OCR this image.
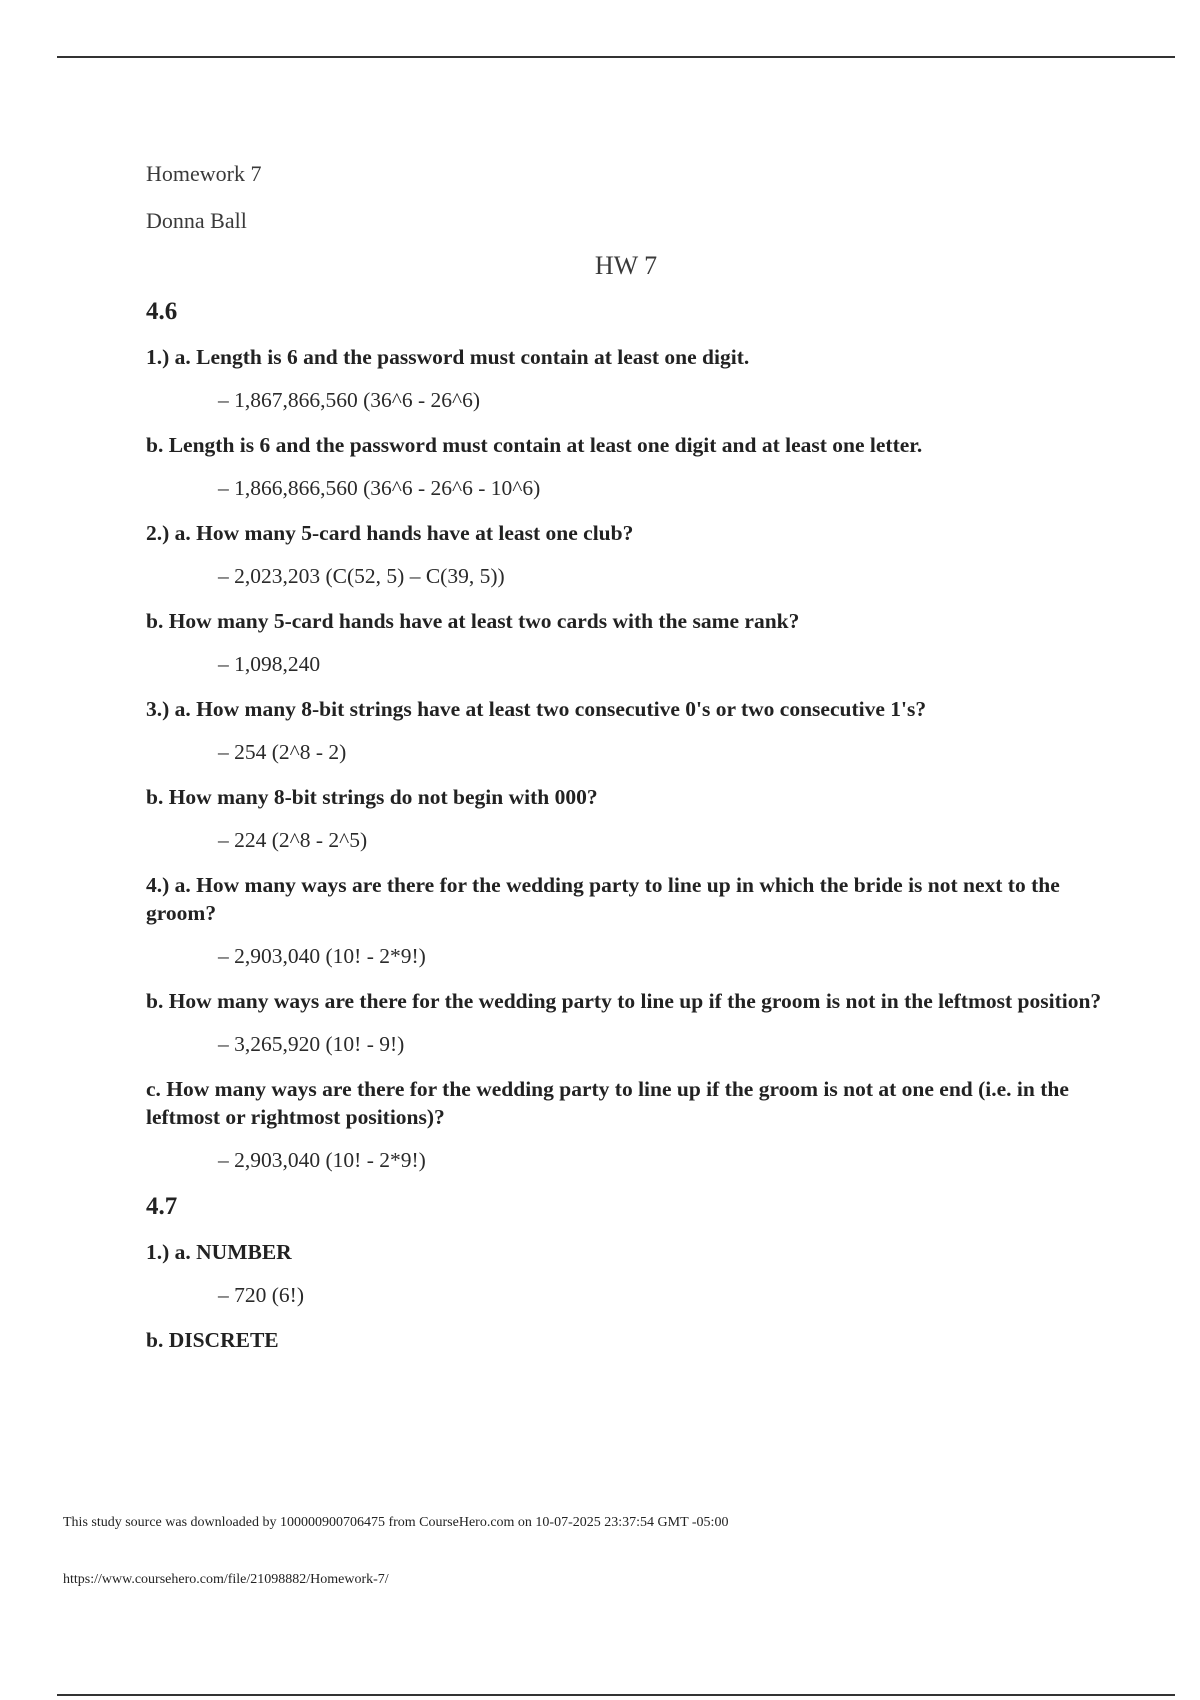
Homework 7

Donna Ball

HW 7
4.6
1.) a. Length is 6 and the password must contain at least one digit.
– 1,867,866,560 (36^6 - 26^6)
b. Length is 6 and the password must contain at least one digit and at least one letter.
– 1,866,866,560 (36^6 - 26^6 - 10^6)
2.) a. How many 5-card hands have at least one club?
– 2,023,203 (C(52, 5) – C(39, 5))
b. How many 5-card hands have at least two cards with the same rank?
– 1,098,240
3.) a. How many 8-bit strings have at least two consecutive 0's or two consecutive 1's?
– 254 (2^8 - 2)
b. How many 8-bit strings do not begin with 000?
– 224 (2^8 - 2^5)
4.) a. How many ways are there for the wedding party to line up in which the bride is not next to the groom?
– 2,903,040 (10! - 2*9!)
b. How many ways are there for the wedding party to line up if the groom is not in the leftmost position?
– 3,265,920 (10! - 9!)
c. How many ways are there for the wedding party to line up if the groom is not at one end (i.e. in the leftmost or rightmost positions)?
– 2,903,040 (10! - 2*9!)
4.7
1.) a. NUMBER
– 720 (6!)
b. DISCRETE
This study source was downloaded by 100000900706475 from CourseHero.com on 10-07-2025 23:37:54 GMT -05:00
https://www.coursehero.com/file/21098882/Homework-7/
